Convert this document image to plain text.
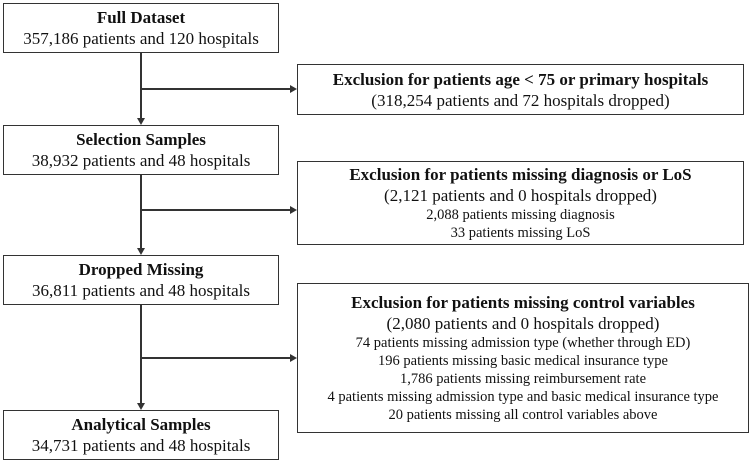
Full Dataset
357,186 patients and 120 hospitals
Selection Samples
38,932 patients and 48 hospitals
Dropped Missing
36,811 patients and 48 hospitals
Analytical Samples
34,731 patients and 48 hospitals
Exclusion for patients age < 75 or primary hospitals
(318,254 patients and 72 hospitals dropped)
Exclusion for patients missing diagnosis or LoS
(2,121 patients and 0 hospitals dropped)
2,088 patients missing diagnosis
33 patients missing LoS
Exclusion for patients missing control variables
(2,080 patients and 0 hospitals dropped)
74 patients missing admission type (whether through ED)
196 patients missing basic medical insurance type
1,786 patients missing reimbursement rate
4 patients missing admission type and basic medical insurance type
20 patients missing all control variables above
